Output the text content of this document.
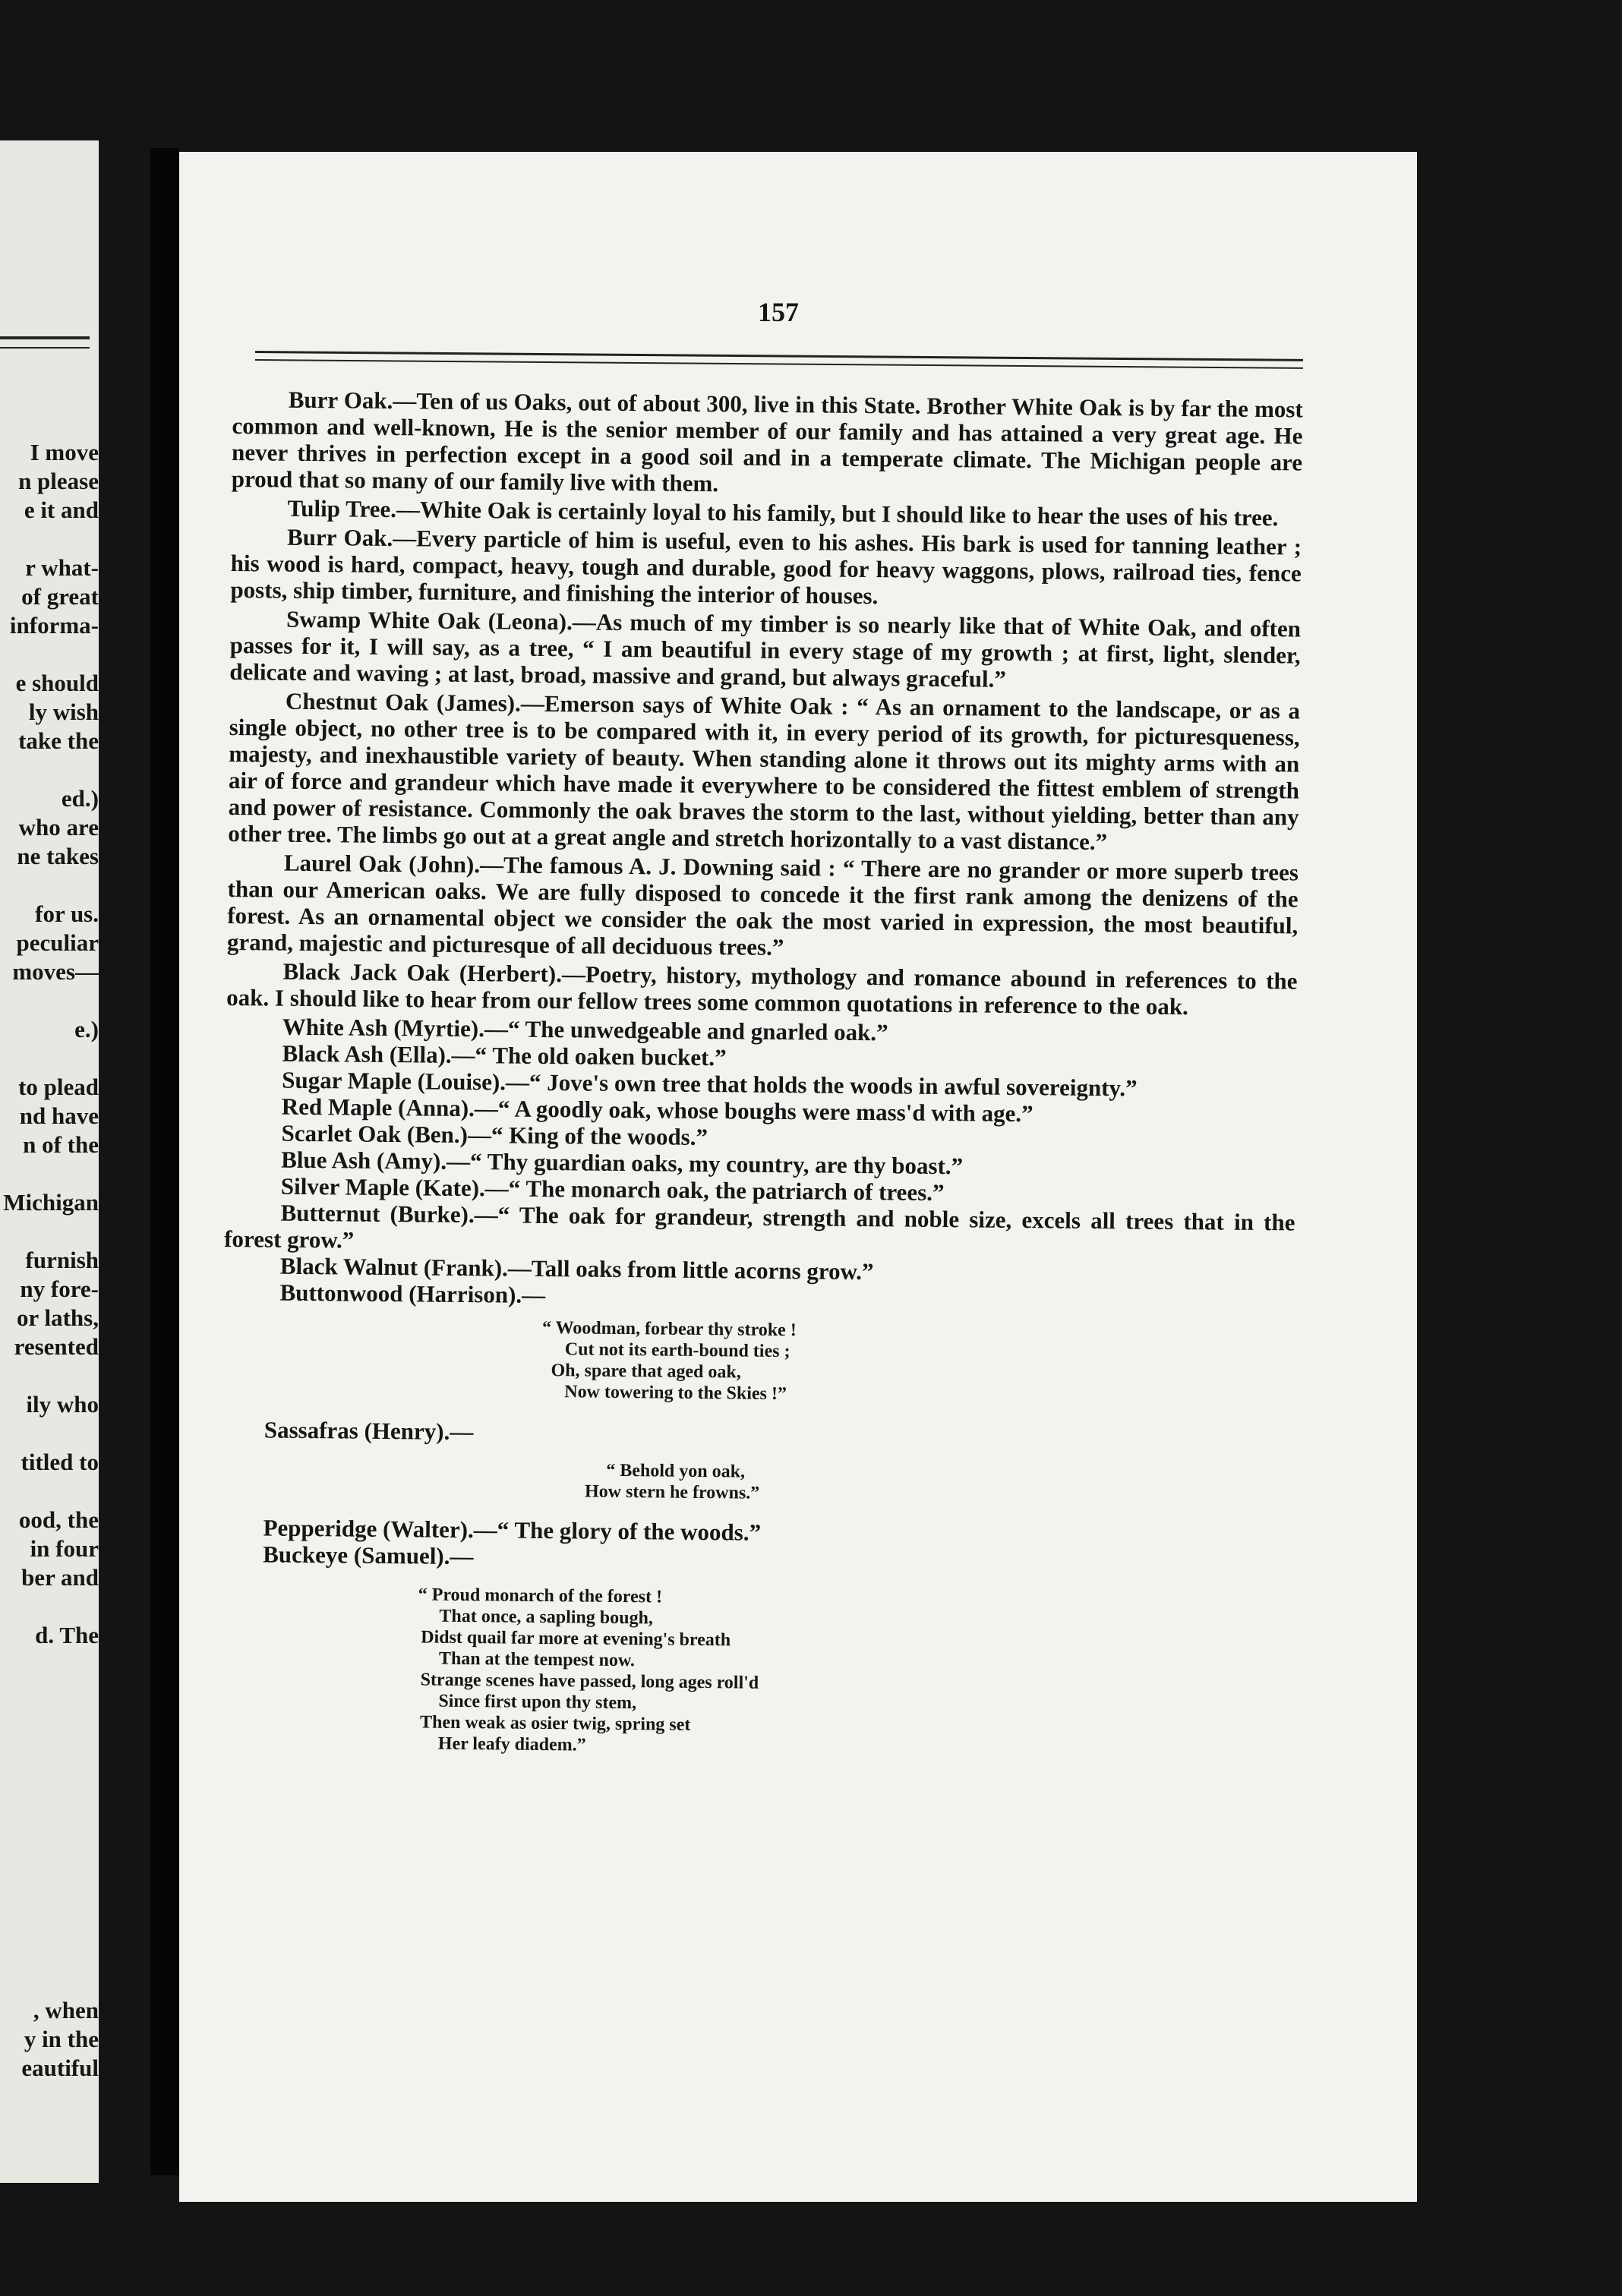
I move
n please
e it and

r what-
of great
informa-

e should
ly wish
take the

ed.)
who are
ne takes

for us.
peculiar
moves—

e.)

to plead
nd have
n of the

Michigan

furnish
ny fore-
or laths,
resented

ily who

titled to

ood, the
in four
ber and

d. The

, when
y in the
eautiful
157

Burr Oak.—Ten of us Oaks, out of about 300, live in this State. Brother White Oak is by far the most common and well-known, He is the senior member of our family and has attained a very great age. He never thrives in perfection except in a good soil and in a temperate climate. The Michigan people are proud that so many of our family live with them.

Tulip Tree.—White Oak is certainly loyal to his family, but I should like to hear the uses of his tree.

Burr Oak.—Every particle of him is useful, even to his ashes. His bark is used for tanning leather ; his wood is hard, compact, heavy, tough and durable, good for heavy waggons, plows, railroad ties, fence posts, ship timber, furniture, and finishing the interior of houses.

Swamp White Oak (Leona).—As much of my timber is so nearly like that of White Oak, and often passes for it, I will say, as a tree, “ I am beautiful in every stage of my growth ; at first, light, slender, delicate and waving ; at last, broad, massive and grand, but always graceful.”

Chestnut Oak (James).—Emerson says of White Oak : “ As an ornament to the landscape, or as a single object, no other tree is to be compared with it, in every period of its growth, for picturesqueness, majesty, and inexhaustible variety of beauty. When standing alone it throws out its mighty arms with an air of force and grandeur which have made it everywhere to be considered the fittest emblem of strength and power of resistance. Commonly the oak braves the storm to the last, without yielding, better than any other tree. The limbs go out at a great angle and stretch horizontally to a vast distance.”

Laurel Oak (John).—The famous A. J. Downing said : “ There are no grander or more superb trees than our American oaks. We are fully disposed to concede it the first rank among the denizens of the forest. As an ornamental object we consider the oak the most varied in expression, the most beautiful, grand, majestic and picturesque of all deciduous trees.”

Black Jack Oak (Herbert).—Poetry, history, mythology and romance abound in references to the oak. I should like to hear from our fellow trees some common quotations in reference to the oak.

White Ash (Myrtie).—“ The unwedgeable and gnarled oak.”
Black Ash (Ella).—“ The old oaken bucket.”
Sugar Maple (Louise).—“ Jove's own tree that holds the woods in awful sovereignty.”
Red Maple (Anna).—“ A goodly oak, whose boughs were mass'd with age.”
Scarlet Oak (Ben.)—“ King of the woods.”
Blue Ash (Amy).—“ Thy guardian oaks, my country, are thy boast.”
Silver Maple (Kate).—“ The monarch oak, the patriarch of trees.”
Butternut (Burke).—“ The oak for grandeur, strength and noble size, excels all trees that in the forest grow.”
Black Walnut (Frank).—Tall oaks from little acorns grow.”
Buttonwood (Harrison).—
“ Woodman, forbear thy stroke !
Cut not its earth-bound ties ;
Oh, spare that aged oak,
Now towering to the Skies !”
Sassafras (Henry).—
“ Behold yon oak,
How stern he frowns.”
Pepperidge (Walter).—“ The glory of the woods.”
Buckeye (Samuel).—
“ Proud monarch of the forest !
That once, a sapling bough,
Didst quail far more at evening's breath
Than at the tempest now.
Strange scenes have passed, long ages roll'd
Since first upon thy stem,
Then weak as osier twig, spring set
Her leafy diadem.”
